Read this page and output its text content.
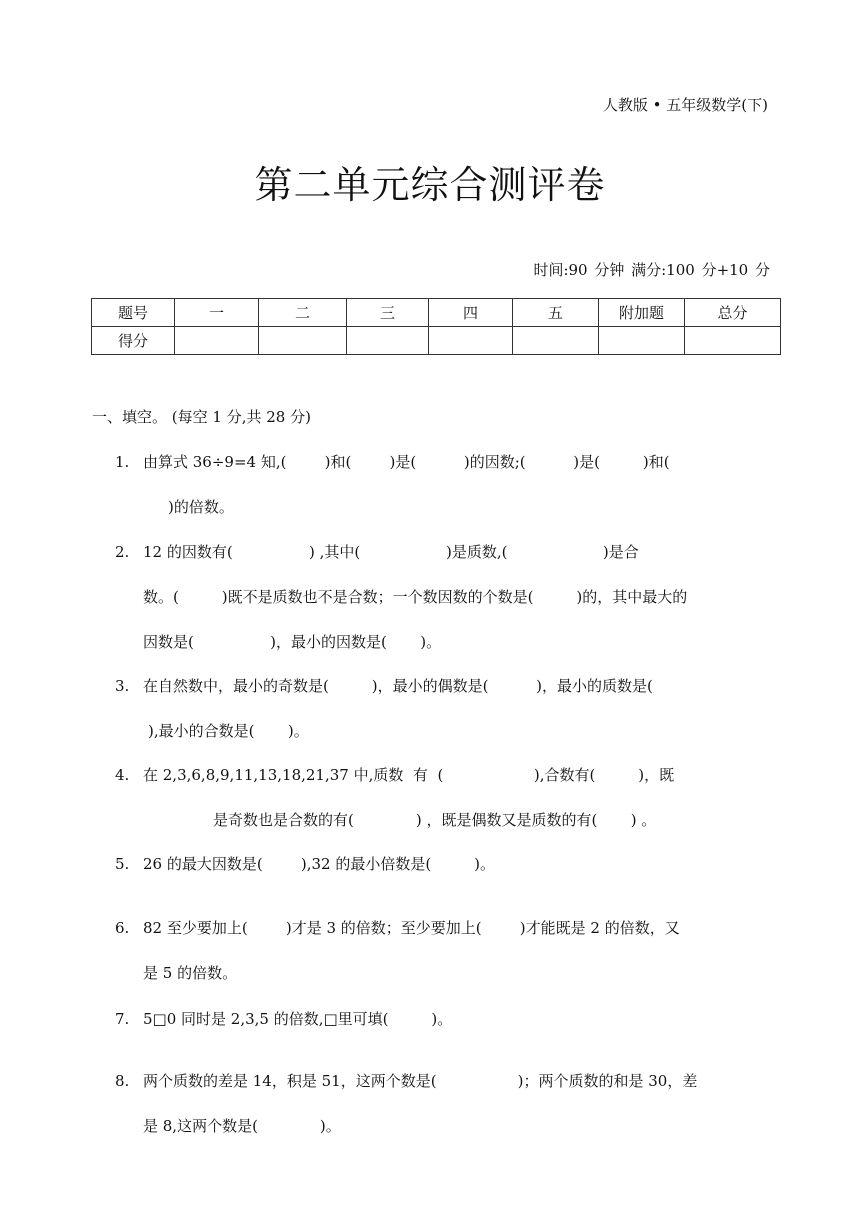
人教版 • 五年级数学(下)
第二单元综合测评卷
时间:90 分钟 满分:100 分+10 分
题号	一	二	三	四	五	附加题	总分
得分							
一、填空。 (每空 1 分,共 28 分)
1. 由算式 36÷9=4 知,(        )和(        )是(          )的因数;(          )是(         )和(
)的倍数。
2. 12 的因数有(                ) ,其中(                  )是质数,(                    )是合
数。(         )既不是质数也不是合数；一个数因数的个数是(         )的，其中最大的
因数是(                )，最小的因数是(       )。
3. 在自然数中，最小的奇数是(         )，最小的偶数是(          )，最小的质数是(
),最小的合数是(       )。
4. 在 2,3,6,8,9,11,13,18,21,37 中,质数  有  (                   ),合数有(         )，既
是奇数也是合数的有(             ) ，既是偶数又是质数的有(       ) 。
5. 26 的最大因数是(        ),32 的最小倍数是(         )。
6. 82 至少要加上(        )才是 3 的倍数；至少要加上(        )才能既是 2 的倍数，又
是 5 的倍数。
7. 5□0 同时是 2,3,5 的倍数,□里可填(         )。
8. 两个质数的差是 14，积是 51，这两个数是(                 )；两个质数的和是 30，差
是 8,这两个数是(             )。
